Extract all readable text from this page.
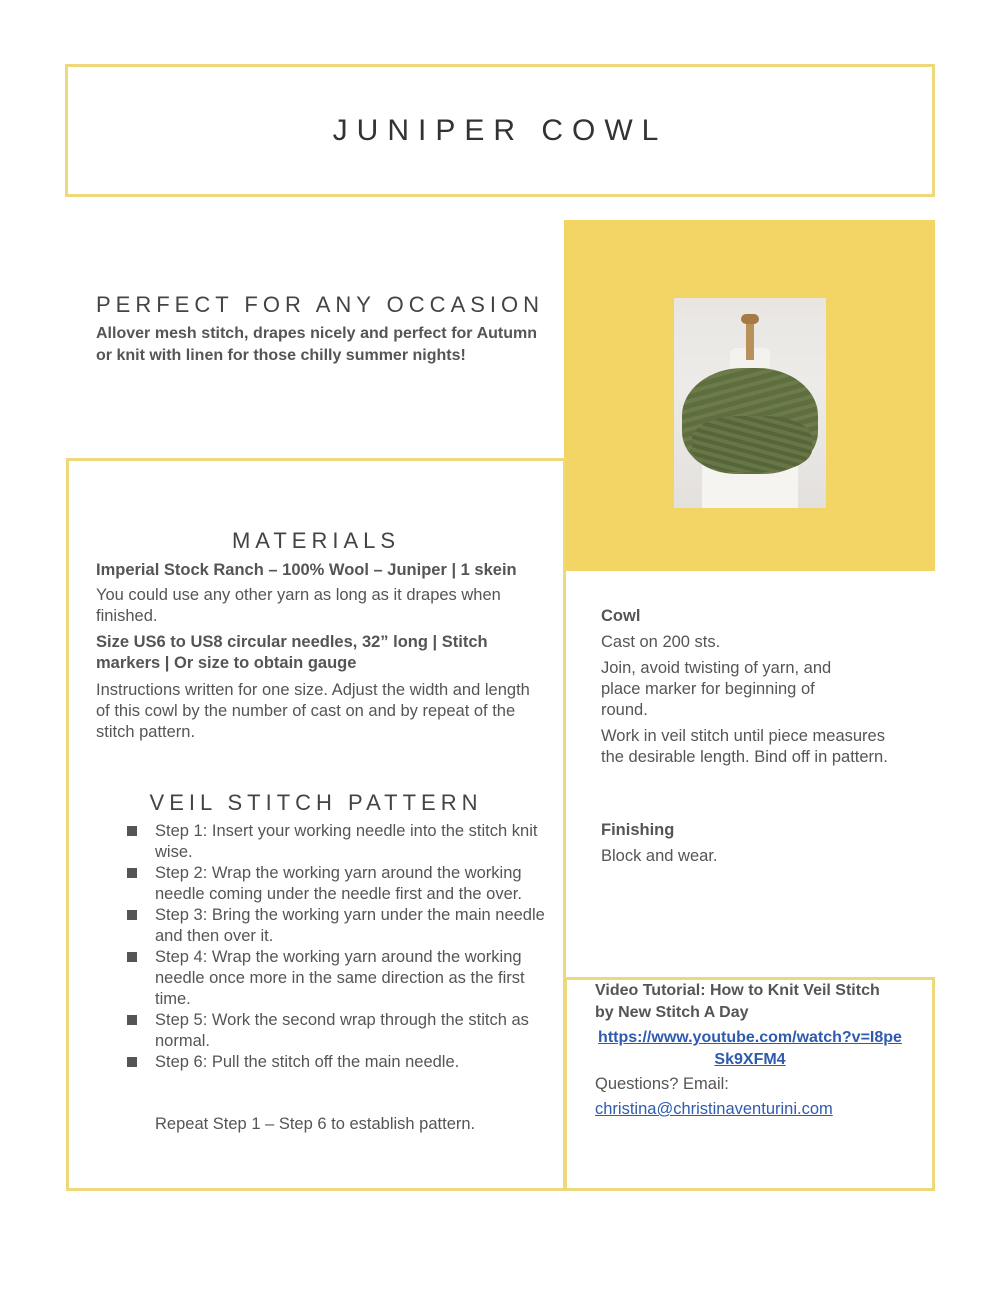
JUNIPER COWL
PERFECT FOR ANY OCCASION
Allover mesh stitch, drapes nicely and perfect for Autumn or knit with linen for those chilly summer nights!
MATERIALS
Imperial Stock Ranch – 100% Wool – Juniper | 1 skein
You could use any other yarn as long as it drapes when finished.
Size US6 to US8 circular needles, 32” long | Stitch markers | Or size to obtain gauge
Instructions written for one size. Adjust the width and length of this cowl by the number of cast on and by repeat of the stitch pattern.
VEIL STITCH PATTERN
Step 1: Insert your working needle into the stitch knit wise.
Step 2: Wrap the working yarn around the working needle coming under the needle first and the over.
Step 3: Bring the working yarn under the main needle and then over it.
Step 4: Wrap the working yarn around the working needle once more in the same direction as the first time.
Step 5: Work the second wrap through the stitch as normal.
Step 6: Pull the stitch off the main needle.
Repeat Step 1 – Step 6 to establish pattern.
Cowl
Cast on 200 sts.
Join, avoid twisting of yarn, and place marker for beginning of round.
Work in veil stitch until piece measures the desirable length. Bind off in pattern.
Finishing
Block and wear.
Video Tutorial: How to Knit Veil Stitch by New Stitch A Day
https://www.youtube.com/watch?v=I8peSk9XFM4
Questions? Email:
christina@christinaventurini.com
